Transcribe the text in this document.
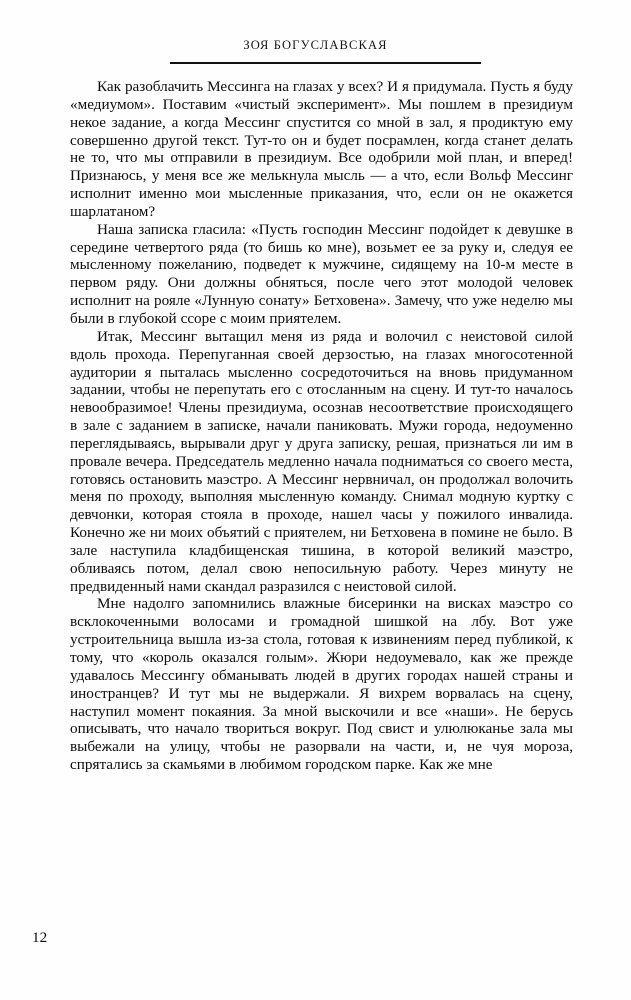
ЗОЯ БОГУСЛАВСКАЯ

Как разоблачить Мессинга на глазах у всех? И я придумала. Пусть я буду «медиумом». Поставим «чистый эксперимент». Мы пошлем в президиум некое задание, а когда Мессинг спустится со мной в зал, я продиктую ему совершенно другой текст. Тут-то он и будет посрамлен, когда станет делать не то, что мы отправили в президиум. Все одобрили мой план, и вперед! Признаюсь, у меня все же мелькнула мысль — а что, если Вольф Мессинг исполнит именно мои мысленные приказания, что, если он не окажется шарлатаном?

Наша записка гласила: «Пусть господин Мессинг подойдет к девушке в середине четвертого ряда (то бишь ко мне), возьмет ее за руку и, следуя ее мысленному пожеланию, подведет к мужчине, сидящему на 10-м месте в первом ряду. Они должны обняться, после чего этот молодой человек исполнит на рояле «Лунную сонату» Бетховена». Замечу, что уже неделю мы были в глубокой ссоре с моим приятелем.

Итак, Мессинг вытащил меня из ряда и волочил с неистовой силой вдоль прохода. Перепуганная своей дерзостью, на глазах многосотенной аудитории я пыталась мысленно сосредоточиться на вновь придуманном задании, чтобы не перепутать его с отосланным на сцену. И тут-то началось невообразимое! Члены президиума, осознав несоответствие происходящего в зале с заданием в записке, начали паниковать. Мужи города, недоуменно переглядываясь, вырывали друг у друга записку, решая, признаться ли им в провале вечера. Председатель медленно начала подниматься со своего места, готовясь остановить маэстро. А Мессинг нервничал, он продолжал волочить меня по проходу, выполняя мысленную команду. Снимал модную куртку с девчонки, которая стояла в проходе, нашел часы у пожилого инвалида. Конечно же ни моих объятий с приятелем, ни Бетховена в помине не было. В зале наступила кладбищенская тишина, в которой великий маэстро, обливаясь потом, делал свою непосильную работу. Через минуту не предвиденный нами скандал разразился с неистовой силой.

Мне надолго запомнились влажные бисеринки на висках маэстро со всклокоченными волосами и громадной шишкой на лбу. Вот уже устроительница вышла из-за стола, готовая к извинениям перед публикой, к тому, что «король оказался голым». Жюри недоумевало, как же прежде удавалось Мессингу обманывать людей в других городах нашей страны и иностранцев? И тут мы не выдержали. Я вихрем ворвалась на сцену, наступил момент покаяния. За мной выскочили и все «наши». Не берусь описывать, что начало твориться вокруг. Под свист и улюлюканье зала мы выбежали на улицу, чтобы не разорвали на части, и, не чуя мороза, спрятались за скамьями в любимом городском парке. Как же мне

12
